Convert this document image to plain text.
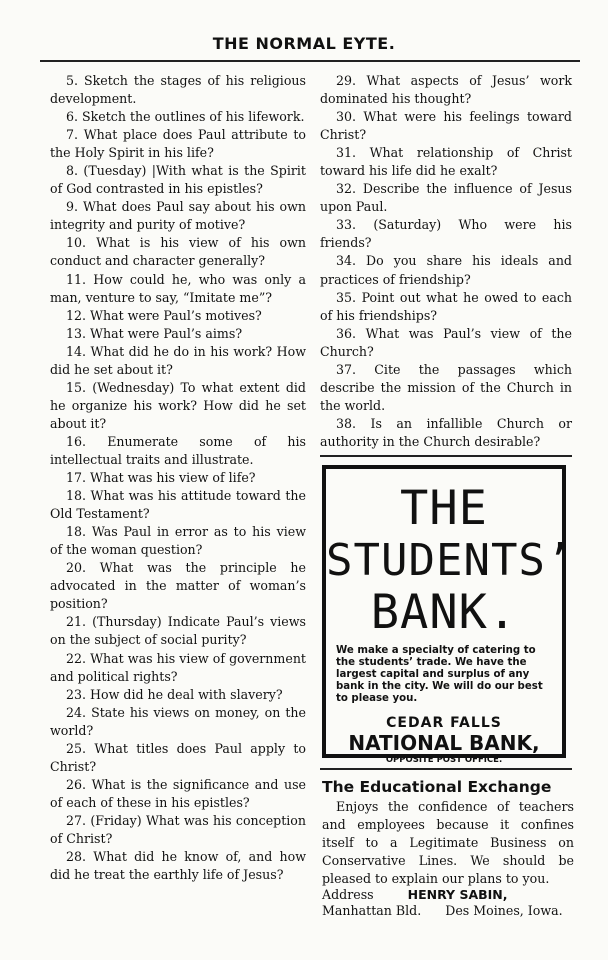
THE NORMAL EYTE.

5. Sketch the stages of his religious development.

6. Sketch the outlines of his lifework.

7. What place does Paul attribute to the Holy Spirit in his life?

8. (Tuesday) |With what is the Spirit of God contrasted in his epistles?

9. What does Paul say about his own integrity and purity of motive?

10. What is his view of his own conduct and character generally?

11. How could he, who was only a man, venture to say, “Imitate me”?

12. What were Paul’s motives?

13. What were Paul’s aims?

14. What did he do in his work? How did he set about it?

15. (Wednesday) To what extent did he organize his work? How did he set about it?

16. Enumerate some of his intellectual traits and illustrate.

17. What was his view of life?

18. What was his attitude toward the Old Testament?

18. Was Paul in error as to his view of the woman question?

20. What was the principle he advocated in the matter of woman’s position?

21. (Thursday) Indicate Paul’s views on the subject of social purity?

22. What was his view of government and political rights?

23. How did he deal with slavery?

24. State his views on money, on the world?

25. What titles does Paul apply to Christ?

26. What is the significance and use of each of these in his epistles?

27. (Friday) What was his conception of Christ?

28. What did he know of, and how did he treat the earthly life of Jesus?

29. What aspects of Jesus’ work dominated his thought?

30. What were his feelings toward Christ?

31. What relationship of Christ toward his life did he exalt?

32. Describe the influence of Jesus upon Paul.

33. (Saturday) Who were his friends?

34. Do you share his ideals and practices of friendship?

35. Point out what he owed to each of his friendships?

36. What was Paul’s view of the Church?

37. Cite the passages which describe the mission of the Church in the world.

38. Is an infallible Church or authority in the Church desirable?

THE
STUDENTS’
BANK.
We make a specialty of catering to the students’ trade. We have the largest capital and surplus of any bank in the city. We will do our best to please you.
CEDAR FALLS
NATIONAL BANK,
OPPOSITE POST OFFICE.
The Educational Exchange
Enjoys the confidence of teachers and employees because it confines itself to a Legitimate Business on Conservative Lines. We should be pleased to explain our plans to you.
Address	HENRY SABIN,
Manhattan Bld. Des Moines, Iowa.
